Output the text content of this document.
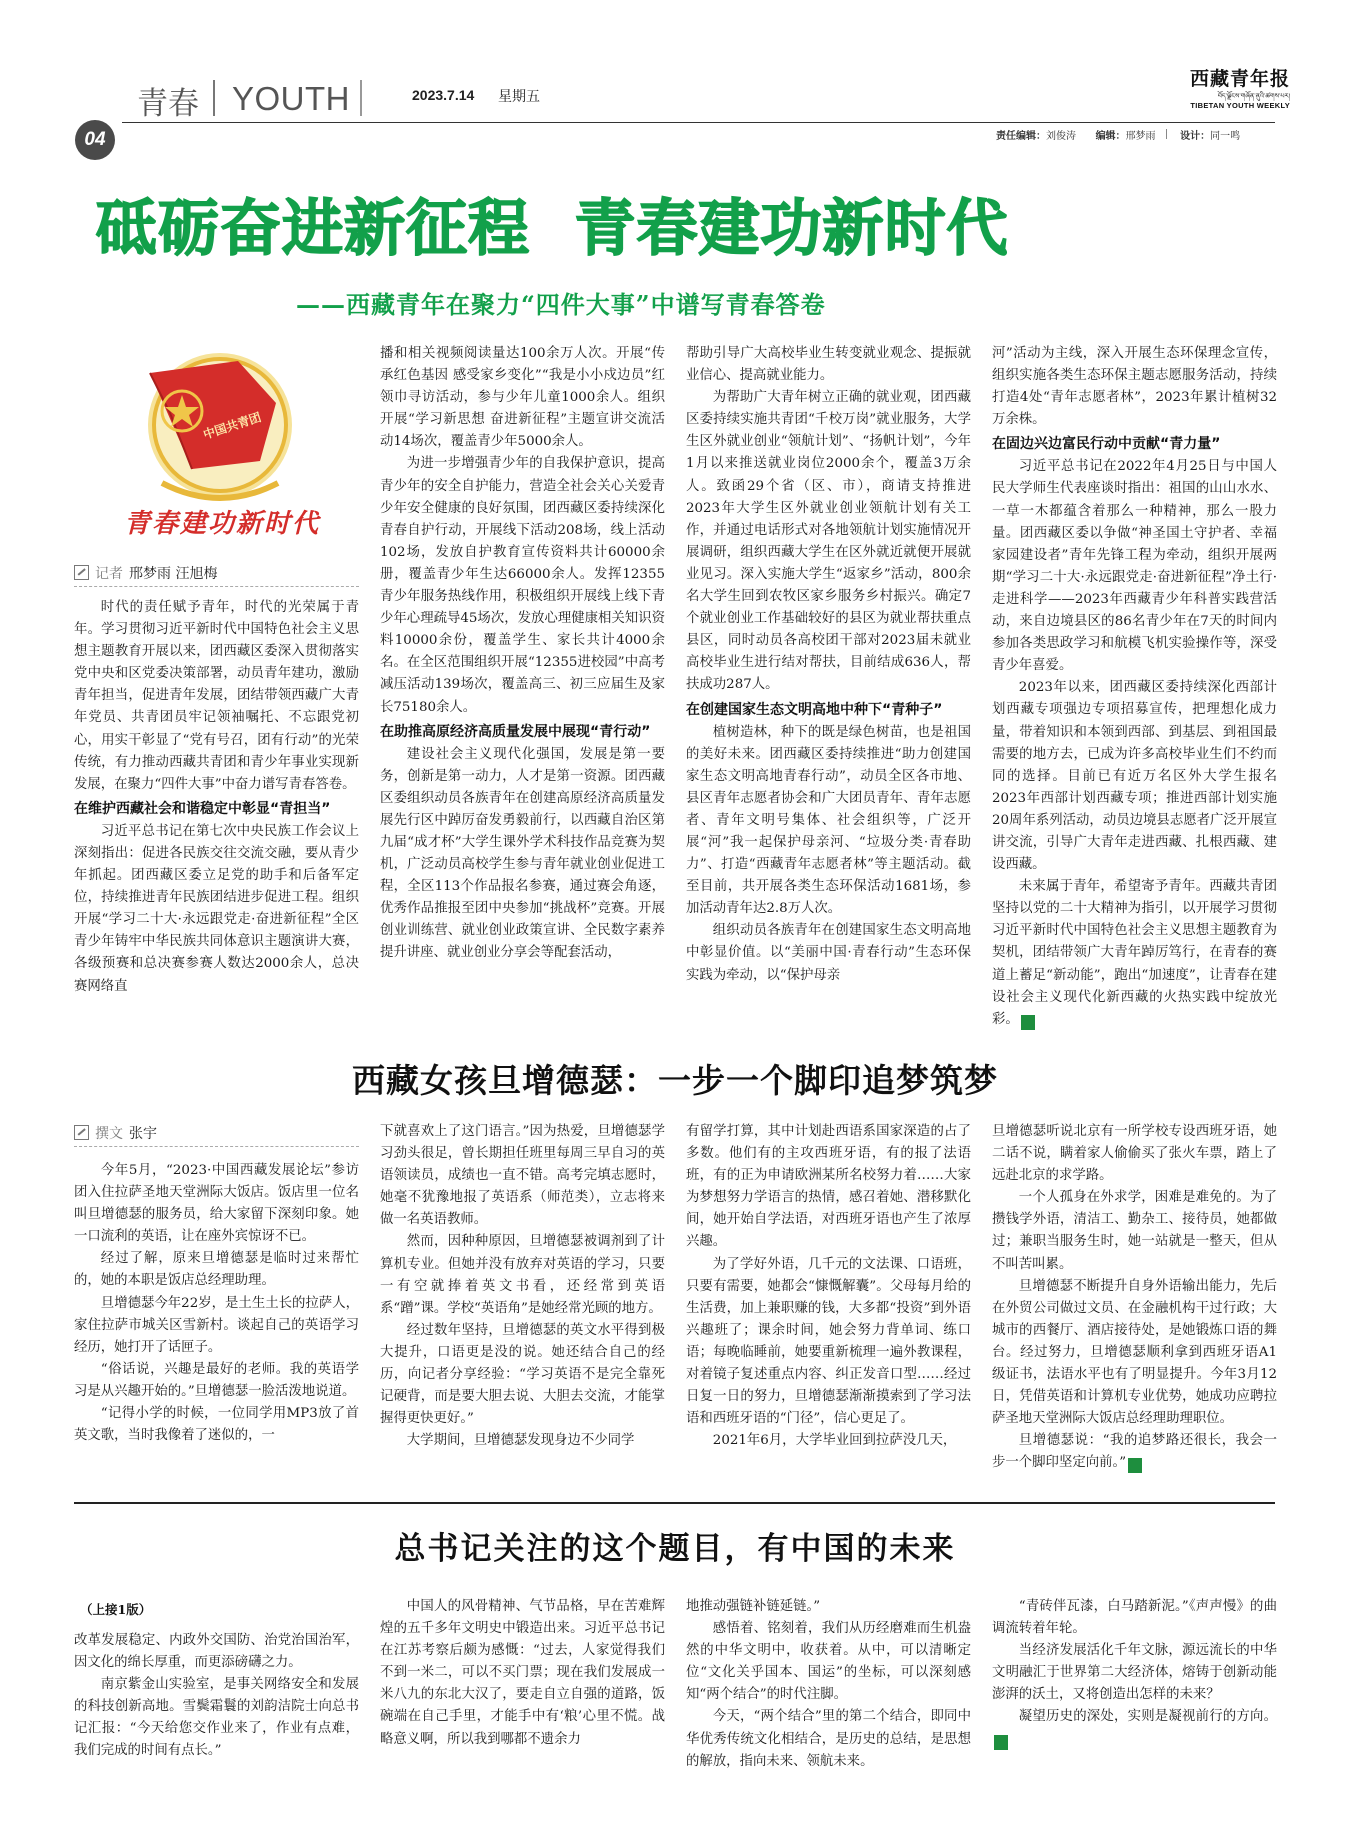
青春 YOUTH	2023.7.14 星期五
04
西藏青年报
བོད་ལྗོངས་གཞོན་ནུའི་ཚགས་པར།
TIBETAN YOUTH WEEKLY
责任编辑：刘俊涛 编辑：邢梦雨 设计：同一鸣
砥砺奋进新征程  青春建功新时代
——西藏青年在聚力“四件大事”中谱写青春答卷
中国共青团
青春建功新时代
记者 邢梦雨 汪旭梅

时代的责任赋予青年，时代的光荣属于青年。学习贯彻习近平新时代中国特色社会主义思想主题教育开展以来，团西藏区委深入贯彻落实党中央和区党委决策部署，动员青年建功，激励青年担当，促进青年发展，团结带领西藏广大青年党员、共青团员牢记领袖嘱托、不忘跟党初心，用实干彰显了“党有号召，团有行动”的光荣传统，有力推动西藏共青团和青少年事业实现新发展，在聚力“四件大事”中奋力谱写青春答卷。

在维护西藏社会和谐稳定中彰显“青担当”

习近平总书记在第七次中央民族工作会议上深刻指出：促进各民族交往交流交融，要从青少年抓起。团西藏区委立足党的助手和后备军定位，持续推进青年民族团结进步促进工程。组织开展“学习二十大·永远跟党走·奋进新征程”全区青少年铸牢中华民族共同体意识主题演讲大赛，各级预赛和总决赛参赛人数达2000余人，总决赛网络直

播和相关视频阅读量达100余万人次。开展“传承红色基因 感受家乡变化”“我是小小戍边员”红领巾寻访活动，参与少年儿童1000余人。组织开展“学习新思想 奋进新征程”主题宣讲交流活动14场次，覆盖青少年5000余人。

为进一步增强青少年的自我保护意识，提高青少年的安全自护能力，营造全社会关心关爱青少年安全健康的良好氛围，团西藏区委持续深化青春自护行动，开展线下活动208场，线上活动102场，发放自护教育宣传资料共计60000余册，覆盖青少年生达66000余人。发挥12355青少年服务热线作用，积极组织开展线上线下青少年心理疏导45场次，发放心理健康相关知识资料10000余份，覆盖学生、家长共计4000余名。在全区范围组织开展“12355进校园”中高考减压活动139场次，覆盖高三、初三应届生及家长75180余人。

在助推高原经济高质量发展中展现“青行动”

建设社会主义现代化强国，发展是第一要务，创新是第一动力，人才是第一资源。团西藏区委组织动员各族青年在创建高原经济高质量发展先行区中踔厉奋发勇毅前行，以西藏自治区第九届“成才杯”大学生课外学术科技作品竞赛为契机，广泛动员高校学生参与青年就业创业促进工程，全区113个作品报名参赛，通过赛会角逐，优秀作品推报至团中央参加“挑战杯”竞赛。开展创业训练营、就业创业政策宣讲、全民数字素养提升讲座、就业创业分享会等配套活动，

帮助引导广大高校毕业生转变就业观念、提振就业信心、提高就业能力。

为帮助广大青年树立正确的就业观，团西藏区委持续实施共青团“千校万岗”就业服务，大学生区外就业创业“领航计划”、“扬帆计划”，今年1月以来推送就业岗位2000余个，覆盖3万余人。致函29个省（区、市），商请支持推进2023年大学生区外就业创业领航计划有关工作，并通过电话形式对各地领航计划实施情况开展调研，组织西藏大学生在区外就近就便开展就业见习。深入实施大学生“返家乡”活动，800余名大学生回到农牧区家乡服务乡村振兴。确定7个就业创业工作基础较好的县区为就业帮扶重点县区，同时动员各高校团干部对2023届未就业高校毕业生进行结对帮扶，目前结成636人，帮扶成功287人。

在创建国家生态文明高地中种下“青种子”

植树造林，种下的既是绿色树苗，也是祖国的美好未来。团西藏区委持续推进“助力创建国家生态文明高地青春行动”，动员全区各市地、县区青年志愿者协会和广大团员青年、青年志愿者、青年文明号集体、社会组织等，广泛开展“河”我一起保护母亲河、“垃圾分类·青春助力”、打造“西藏青年志愿者林”等主题活动。截至目前，共开展各类生态环保活动1681场，参加活动青年达2.8万人次。

组织动员各族青年在创建国家生态文明高地中彰显价值。以“美丽中国·青春行动”生态环保实践为牵动，以“保护母亲

河”活动为主线，深入开展生态环保理念宣传，组织实施各类生态环保主题志愿服务活动，持续打造4处“青年志愿者林”，2023年累计植树32万余株。

在固边兴边富民行动中贡献“青力量”

习近平总书记在2022年4月25日与中国人民大学师生代表座谈时指出：祖国的山山水水、一草一木都蕴含着那么一种精神，那么一股力量。团西藏区委以争做“神圣国土守护者、幸福家园建设者”青年先锋工程为牵动，组织开展两期“学习二十大·永远跟党走·奋进新征程”净土行·走进科学——2023年西藏青少年科普实践营活动，来自边境县区的86名青少年在7天的时间内参加各类思政学习和航模飞机实验操作等，深受青少年喜爱。

2023年以来，团西藏区委持续深化西部计划西藏专项强边专项招募宣传，把理想化成力量，带着知识和本领到西部、到基层、到祖国最需要的地方去，已成为许多高校毕业生们不约而同的选择。目前已有近万名区外大学生报名2023年西部计划西藏专项；推进西部计划实施20周年系列活动，动员边境县志愿者广泛开展宣讲交流，引导广大青年走进西藏、扎根西藏、建设西藏。

未来属于青年，希望寄予青年。西藏共青团坚持以党的二十大精神为指引，以开展学习贯彻习近平新时代中国特色社会主义思想主题教育为契机，团结带领广大青年踔厉笃行，在青春的赛道上蓄足“新动能”，跑出“加速度”，让青春在建设社会主义现代化新西藏的火热实践中绽放光彩。	⚑

西藏女孩旦增德瑟：一步一个脚印追梦筑梦
撰文 张宇

今年5月，“2023·中国西藏发展论坛”参访团入住拉萨圣地天堂洲际大饭店。饭店里一位名叫旦增德瑟的服务员，给大家留下深刻印象。她一口流利的英语，让在座外宾惊讶不已。

经过了解，原来旦增德瑟是临时过来帮忙的，她的本职是饭店总经理助理。

旦增德瑟今年22岁，是土生土长的拉萨人，家住拉萨市城关区雪新村。谈起自己的英语学习经历，她打开了话匣子。

“俗话说，兴趣是最好的老师。我的英语学习是从兴趣开始的。”旦增德瑟一脸活泼地说道。

“记得小学的时候，一位同学用MP3放了首英文歌，当时我像着了迷似的，一

下就喜欢上了这门语言。”因为热爱，旦增德瑟学习劲头很足，曾长期担任班里每周三早自习的英语领读员，成绩也一直不错。高考完填志愿时，她毫不犹豫地报了英语系（师范类），立志将来做一名英语教师。

然而，因种种原因，旦增德瑟被调剂到了计算机专业。但她并没有放弃对英语的学习，只要一有空就捧着英文书看，还经常到英语系“蹭”课。学校“英语角”是她经常光顾的地方。

经过数年坚持，旦增德瑟的英文水平得到极大提升，口语更是没的说。她还结合自己的经历，向记者分享经验：“学习英语不是完全靠死记硬背，而是要大胆去说、大胆去交流，才能掌握得更快更好。”

大学期间，旦增德瑟发现身边不少同学

有留学打算，其中计划赴西语系国家深造的占了多数。他们有的主攻西班牙语，有的报了法语班，有的正为申请欧洲某所名校努力着……大家为梦想努力学语言的热情，感召着她、潜移默化间，她开始自学法语，对西班牙语也产生了浓厚兴趣。

为了学好外语，几千元的文法课、口语班，只要有需要，她都会“慷慨解囊”。父母每月给的生活费，加上兼职赚的钱，大多都“投资”到外语兴趣班了；课余时间，她会努力背单词、练口语；每晚临睡前，她要重新梳理一遍外教课程，对着镜子复述重点内容、纠正发音口型……经过日复一日的努力，旦增德瑟渐渐摸索到了学习法语和西班牙语的“门径”，信心更足了。

2021年6月，大学毕业回到拉萨没几天，

旦增德瑟听说北京有一所学校专设西班牙语，她二话不说，瞒着家人偷偷买了张火车票，踏上了远赴北京的求学路。

一个人孤身在外求学，困难是难免的。为了攒钱学外语，清洁工、勤杂工、接待员，她都做过；兼职当服务生时，她一站就是一整天，但从不叫苦叫累。

旦增德瑟不断提升自身外语输出能力，先后在外贸公司做过文员、在金融机构干过行政；大城市的西餐厅、酒店接待处，是她锻炼口语的舞台。经过努力，旦增德瑟顺利拿到西班牙语A1级证书，法语水平也有了明显提升。今年3月12日，凭借英语和计算机专业优势，她成功应聘拉萨圣地天堂洲际大饭店总经理助理职位。

旦增德瑟说：“我的追梦路还很长，我会一步一个脚印坚定向前。”	⚑

总书记关注的这个题目，有中国的未来
（上接1版）

改革发展稳定、内政外交国防、治党治国治军，因文化的绵长厚重，而更添磅礴之力。

南京紫金山实验室，是事关网络安全和发展的科技创新高地。雪鬓霜鬟的刘韵洁院士向总书记汇报：“今天给您交作业来了，作业有点难，我们完成的时间有点长。”

中国人的风骨精神、气节品格，早在苦难辉煌的五千多年文明史中锻造出来。习近平总书记在江苏考察后颇为感慨：“过去，人家觉得我们不到一米二，可以不买门票；现在我们发展成一米八九的东北大汉了，要走自立自强的道路，饭碗端在自己手里，才能手中有‘粮’心里不慌。战略意义啊，所以我到哪都不遗余力

地推动强链补链延链。”

感悟着、铭刻着，我们从历经磨难而生机盎然的中华文明中，收获着。从中，可以清晰定位“文化关乎国本、国运”的坐标，可以深刻感知“两个结合”的时代注脚。

今天，“两个结合”里的第二个结合，即同中华优秀传统文化相结合，是历史的总结，是思想的解放，指向未来、领航未来。

“青砖伴瓦漆，白马踏新泥。”《声声慢》的曲调流转着年轮。

当经济发展活化千年文脉，源远流长的中华文明融汇于世界第二大经济体，熔铸于创新动能澎湃的沃土，又将创造出怎样的未来？

凝望历史的深处，实则是凝视前行的方向。⚑
